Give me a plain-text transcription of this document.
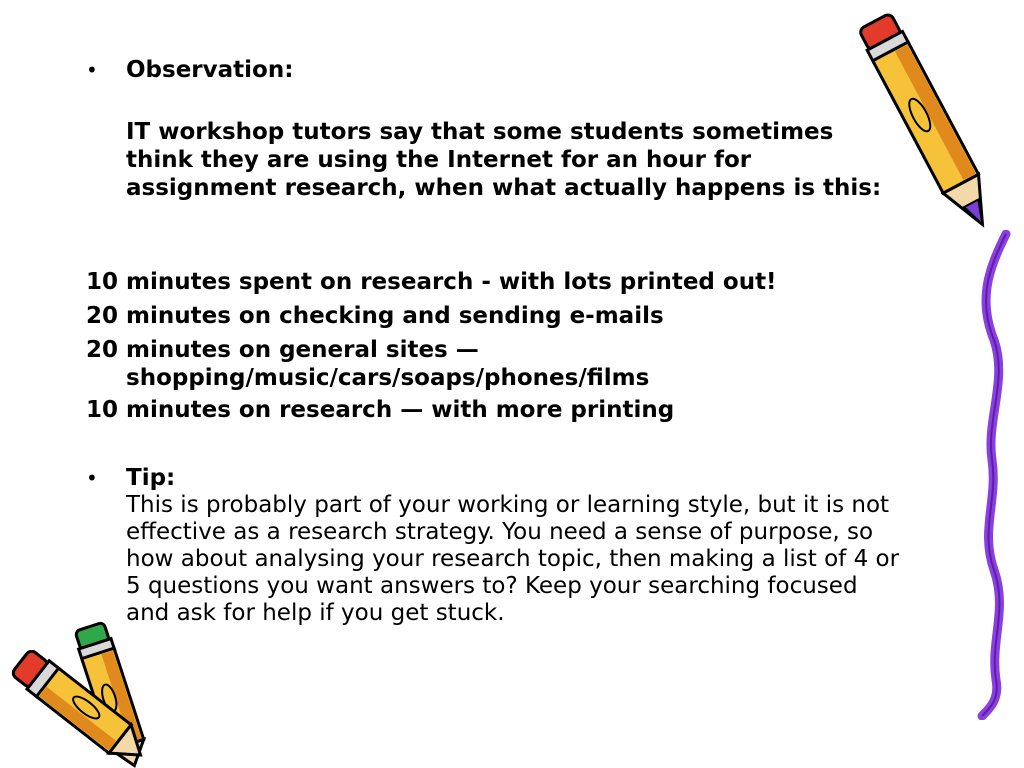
• Observation:
IT workshop tutors say that some students sometimes think they are using the Internet for an hour for assignment research, when what actually happens is this:
10 minutes spent on research - with lots printed out!
20 minutes on checking and sending e-mails
20 minutes on general sites —
shopping/music/cars/soaps/phones/films
10 minutes on research — with more printing
• Tip:
This is probably part of your working or learning style, but it is not effective as a research strategy. You need a sense of purpose, so how about analysing your research topic, then making a list of 4 or 5 questions you want answers to? Keep your searching focused and ask for help if you get stuck.
